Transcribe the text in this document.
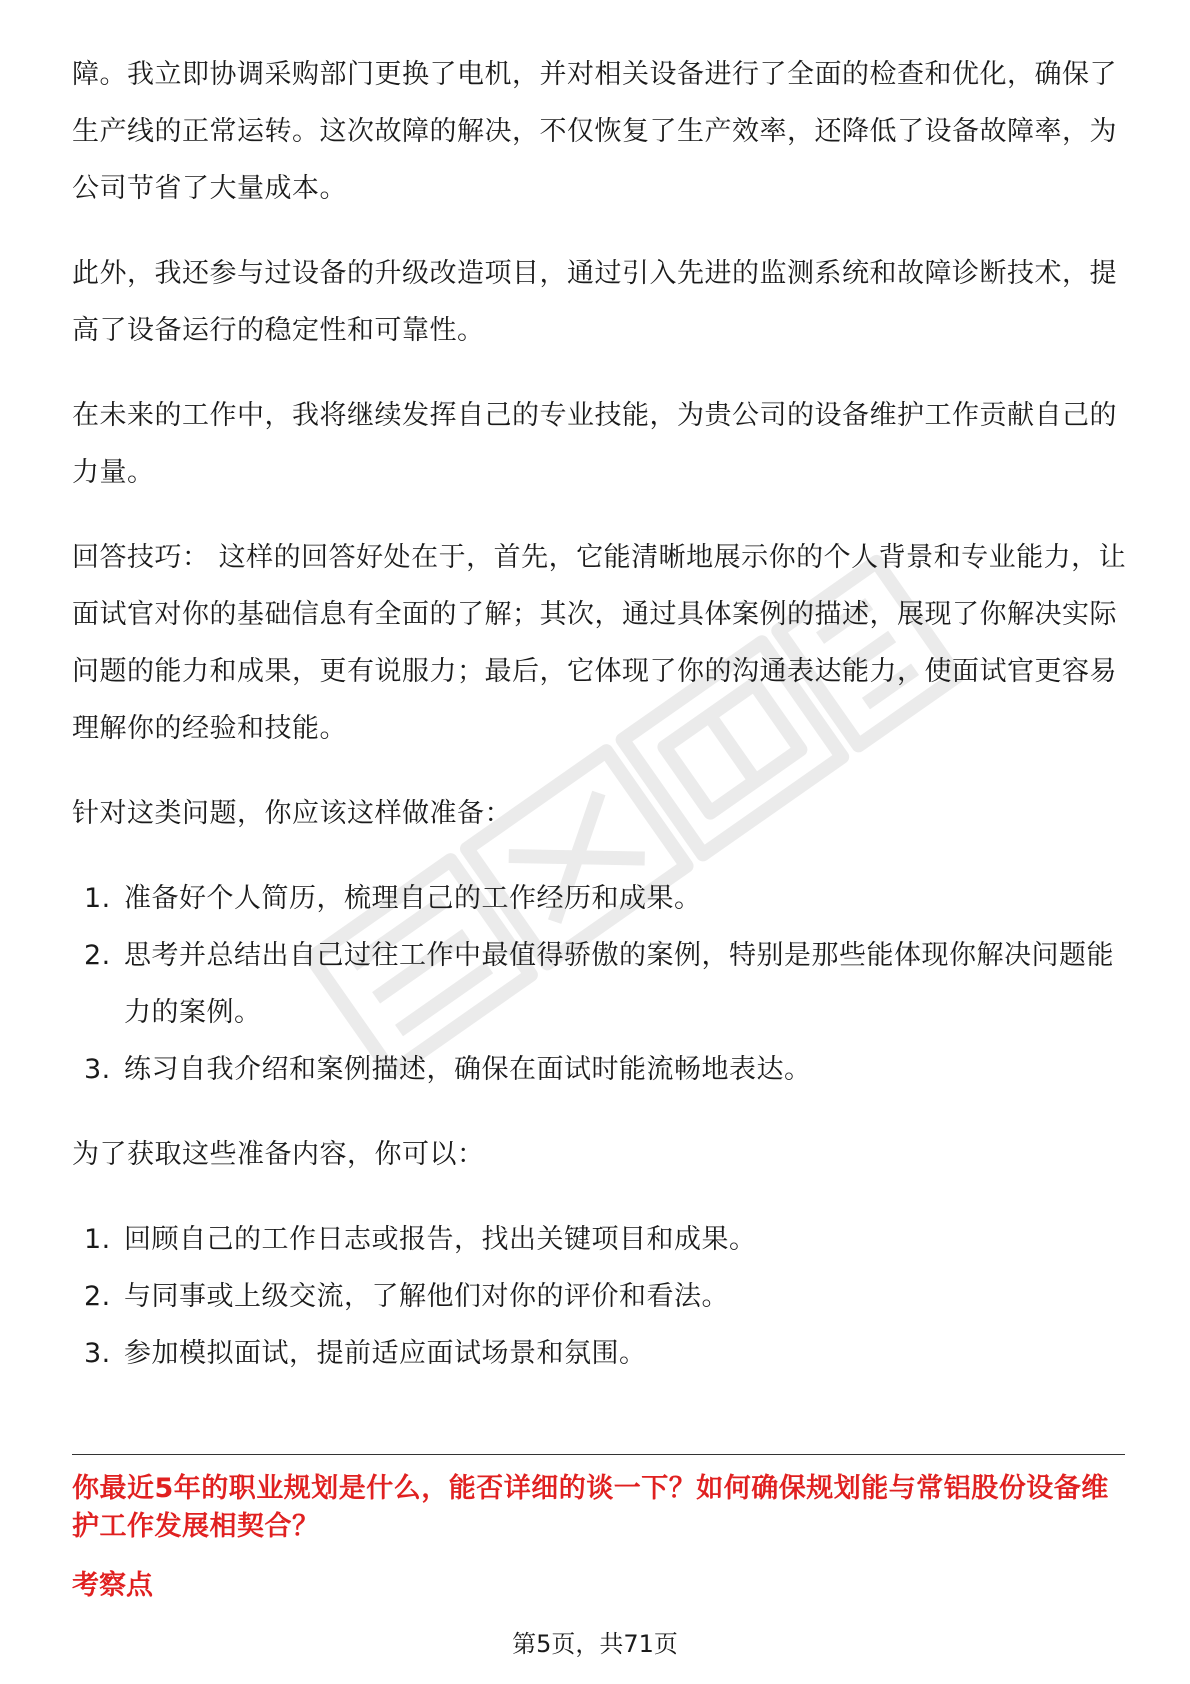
障。我立即协调采购部门更换了电机，并对相关设备进行了全面的检查和优化，确保了生产线的正常运转。这次故障的解决，不仅恢复了生产效率，还降低了设备故障率，为公司节省了大量成本。

此外，我还参与过设备的升级改造项目，通过引入先进的监测系统和故障诊断技术，提高了设备运行的稳定性和可靠性。

在未来的工作中，我将继续发挥自己的专业技能，为贵公司的设备维护工作贡献自己的力量。

回答技巧： 这样的回答好处在于，首先，它能清晰地展示你的个人背景和专业能力，让面试官对你的基础信息有全面的了解；其次，通过具体案例的描述，展现了你解决实际问题的能力和成果，更有说服力；最后，它体现了你的沟通表达能力，使面试官更容易理解你的经验和技能。

针对这类问题，你应该这样做准备：

1. 准备好个人简历，梳理自己的工作经历和成果。
2. 思考并总结出自己过往工作中最值得骄傲的案例，特别是那些能体现你解决问题能力的案例。
3. 练习自我介绍和案例描述，确保在面试时能流畅地表达。

为了获取这些准备内容，你可以：

1. 回顾自己的工作日志或报告，找出关键项目和成果。
2. 与同事或上级交流，了解他们对你的评价和看法。
3. 参加模拟面试，提前适应面试场景和氛围。
你最近5年的职业规划是什么，能否详细的谈一下？如何确保规划能与常铝股份设备维护工作发展相契合？
考察点
第5页，共71页
